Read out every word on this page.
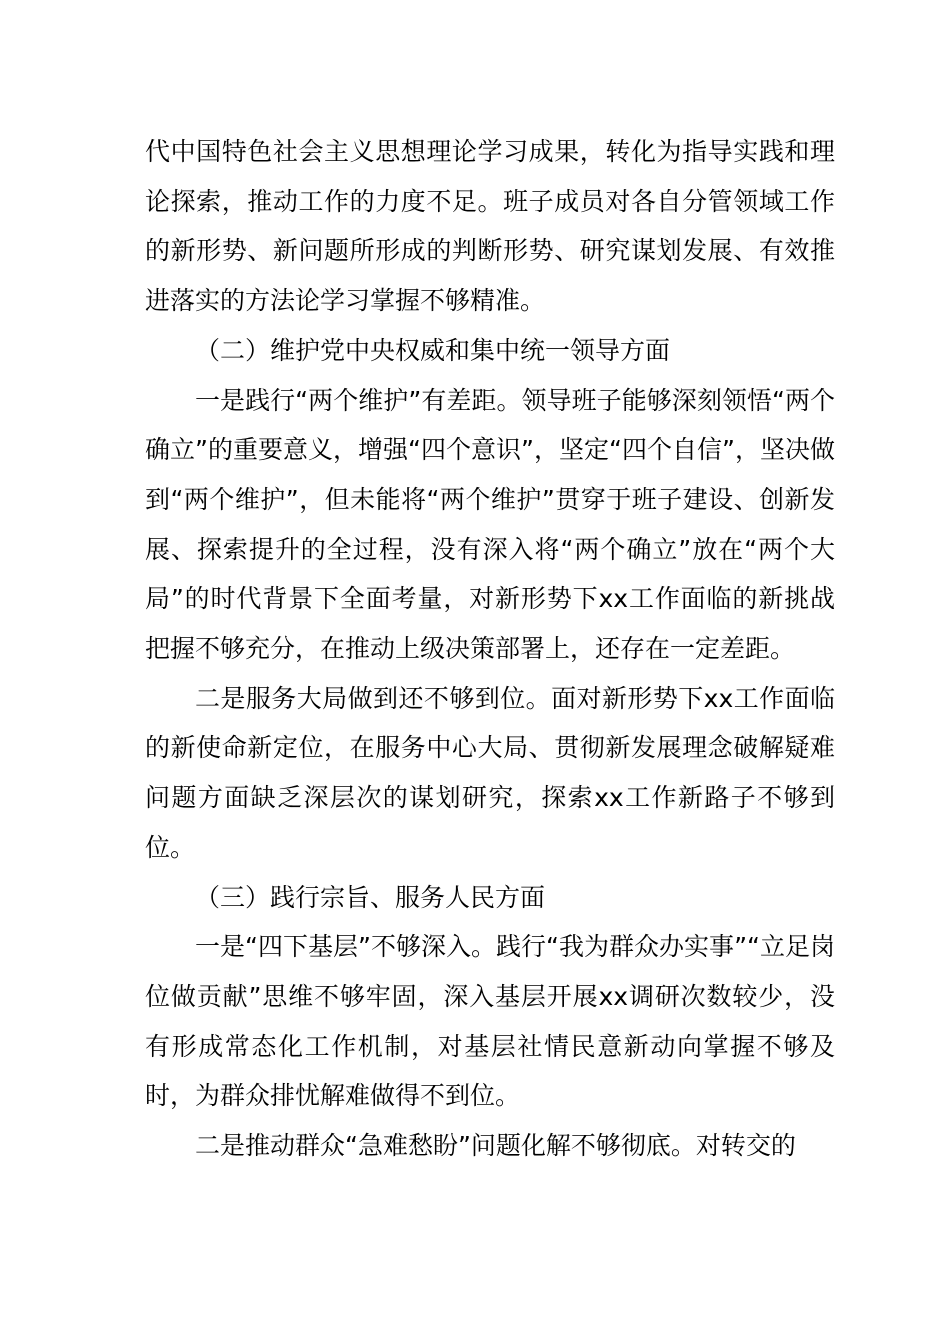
代中国特色社会主义思想理论学习成果，转化为指导实践和理论探索，推动工作的力度不足。班子成员对各自分管领域工作的新形势、新问题所形成的判断形势、研究谋划发展、有效推进落实的方法论学习掌握不够精准。

（二）维护党中央权威和集中统一领导方面

一是践行“两个维护”有差距。领导班子能够深刻领悟“两个确立”的重要意义，增强“四个意识”，坚定“四个自信”，坚决做到“两个维护”，但未能将“两个维护”贯穿于班子建设、创新发展、探索提升的全过程，没有深入将“两个确立”放在“两个大局”的时代背景下全面考量，对新形势下xx工作面临的新挑战把握不够充分，在推动上级决策部署上，还存在一定差距。

二是服务大局做到还不够到位。面对新形势下xx工作面临的新使命新定位，在服务中心大局、贯彻新发展理念破解疑难问题方面缺乏深层次的谋划研究，探索xx工作新路子不够到位。

（三）践行宗旨、服务人民方面

一是“四下基层”不够深入。践行“我为群众办实事”“立足岗位做贡献”思维不够牢固，深入基层开展xx调研次数较少，没有形成常态化工作机制，对基层社情民意新动向掌握不够及时，为群众排忧解难做得不到位。

二是推动群众“急难愁盼”问题化解不够彻底。对转交的
